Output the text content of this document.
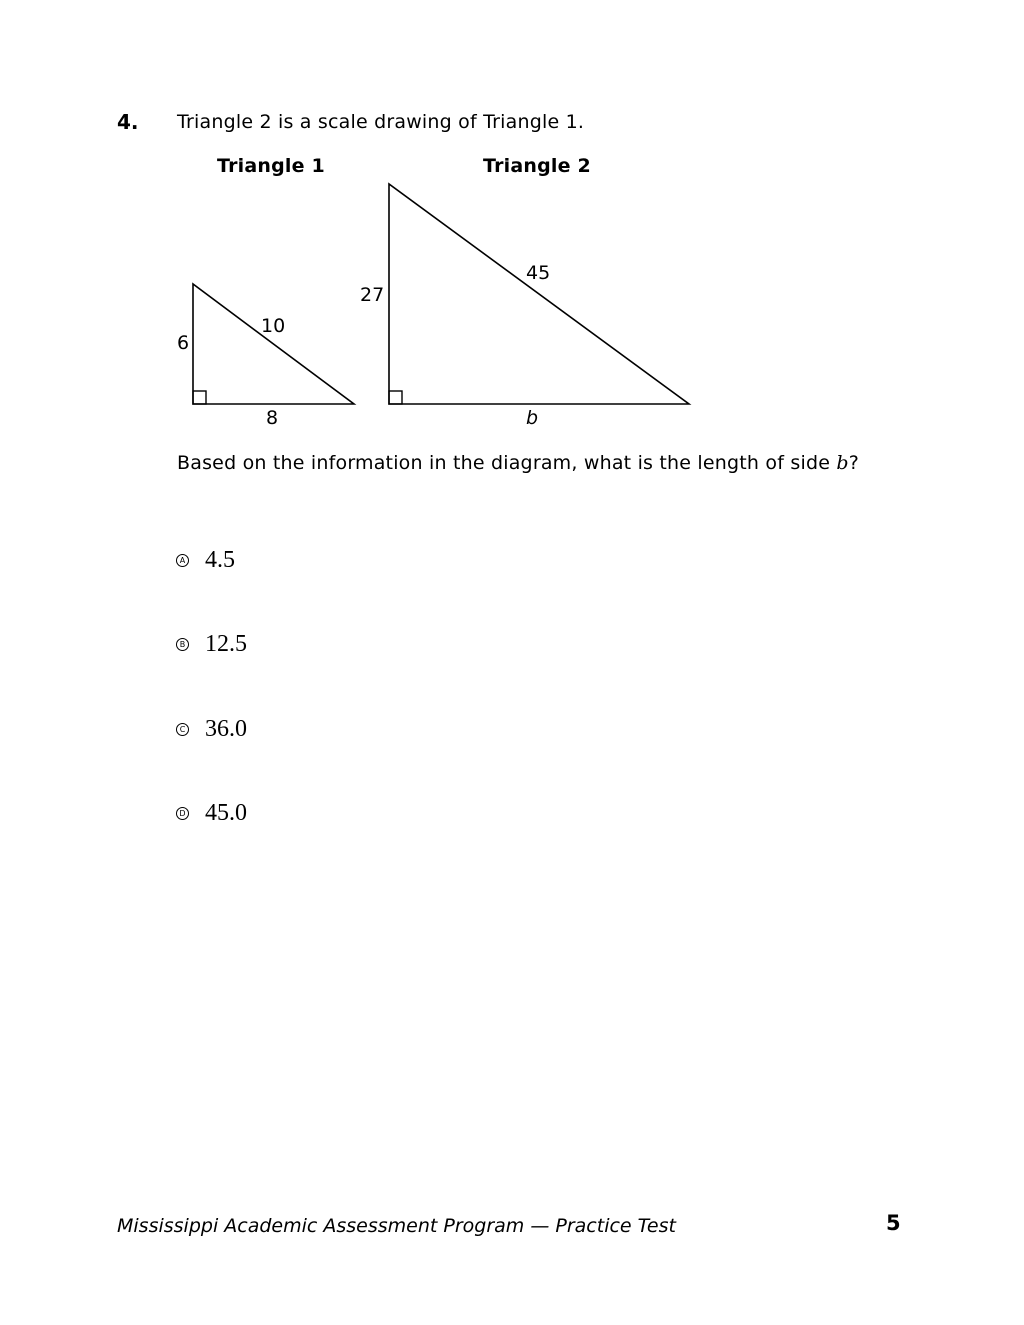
4. Triangle 2 is a scale drawing of Triangle 1.
Triangle 1	Triangle 2
6
10
8
27
45
b
Based on the information in the diagram, what is the length of side b?
A 4.5
B 12.5
C 36.0
D 45.0
Mississippi Academic Assessment Program — Practice Test	5
